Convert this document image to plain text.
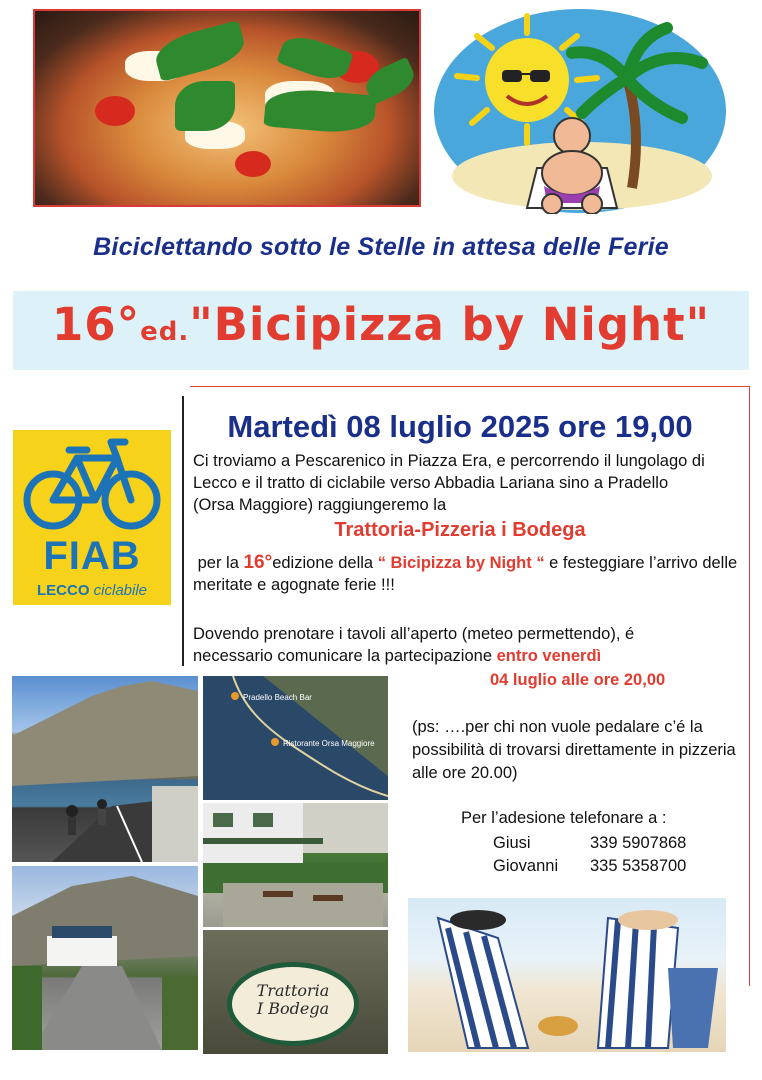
Biciclettando sotto le Stelle in attesa delle Ferie
16°ed."Bicipizza by Night"
FIAB
LECCO ciclabile
Martedì 08 luglio 2025 ore 19,00
Ci troviamo a Pescarenico in Piazza Era, e percorrendo il lungolago di Lecco e il tratto di ciclabile verso Abbadia Lariana sino a Pradello (Orsa Maggiore) raggiungeremo la
Trattoria-Pizzeria i Bodega
per la 16°edizione della “ Bicipizza by Night “ e festeggiare l’arrivo delle meritate e agognate ferie !!!
Dovendo prenotare i tavoli all’aperto (meteo permettendo), é necessario comunicare la partecipazione entro venerdì
04 luglio alle ore 20,00
(ps: ….per chi non vuole pedalare c’é la possibilità di trovarsi direttamente in pizzeria alle ore 20.00)
Per l’adesione telefonare a :
Giusi	339 5907868
Giovanni 335 5358700
Pradello Beach Bar
Ristorante Orsa Maggiore
Trattoria
I Bodega
